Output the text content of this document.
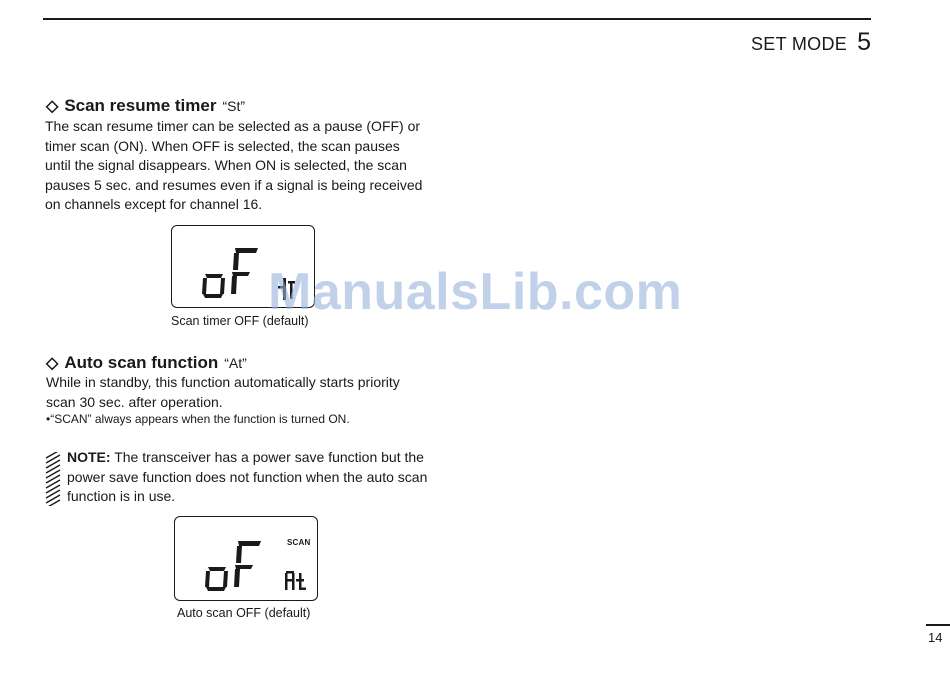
SET MODE 5
◇ Scan resume timer “St”
The scan resume timer can be selected as a pause (OFF) or
timer scan (ON). When OFF is selected, the scan pauses
until the signal disappears. When ON is selected, the scan
pauses 5 sec. and resumes even if a signal is being received
on channels except for channel 16.
Scan timer OFF (default)
◇ Auto scan function “At”
While in standby, this function automatically starts priority
scan 30 sec. after operation.
•“SCAN” always appears when the function is turned ON.
NOTE: The transceiver has a power save function but the
power save function does not function when the auto scan
function is in use.
SCAN
Auto scan OFF (default)
ManualsLib.com
14
